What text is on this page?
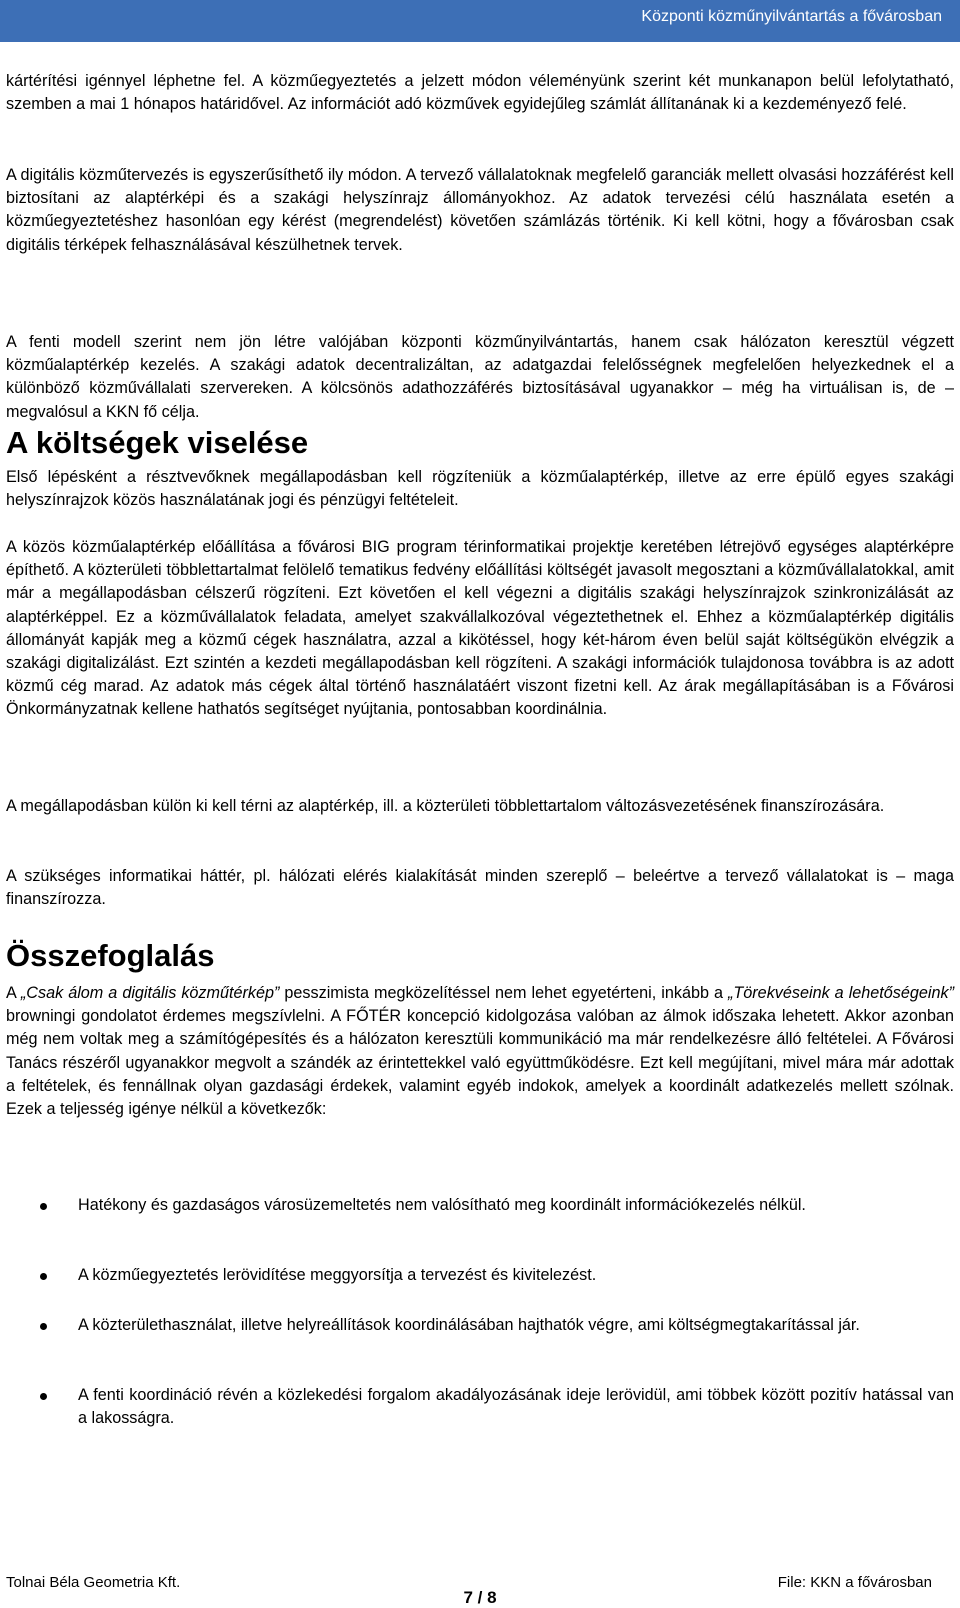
Központi közműnyilvántartás a fővárosban
kártérítési igénnyel léphetne fel. A közműegyeztetés a jelzett módon véleményünk szerint két munkanapon belül lefolytatható, szemben a mai 1 hónapos határidővel. Az információt adó közművek egyidejűleg számlát állítanának ki a kezdeményező felé.
A digitális közműtervezés is egyszerűsíthető ily módon. A tervező vállalatoknak megfelelő garanciák mellett olvasási hozzáférést kell biztosítani az alaptérképi és a szakági helyszínrajz állományokhoz. Az adatok tervezési célú használata esetén a közműegyeztetéshez hasonlóan egy kérést (megrendelést) követően számlázás történik. Ki kell kötni, hogy a fővárosban csak digitális térképek felhasználásával készülhetnek tervek.
A fenti modell szerint nem jön létre valójában központi közműnyilvántartás, hanem csak hálózaton keresztül végzett közműalaptérkép kezelés. A szakági adatok decentralizáltan, az adatgazdai felelősségnek megfelelően helyezkednek el a különböző közművállalati szervereken. A kölcsönös adathozzáférés biztosításával ugyanakkor – még ha virtuálisan is, de – megvalósul a KKN fő célja.
A költségek viselése
Első lépésként a résztvevőknek megállapodásban kell rögzíteniük a közműalaptérkép, illetve az erre épülő egyes szakági helyszínrajzok közös használatának jogi és pénzügyi feltételeit.
A közös közműalaptérkép előállítása a fővárosi BIG program térinformatikai projektje keretében létrejövő egységes alaptérképre építhető. A közterületi többlettartalmat felölelő tematikus fedvény előállítási költségét javasolt megosztani a közművállalatokkal, amit már a megállapodásban célszerű rögzíteni. Ezt követően el kell végezni a digitális szakági helyszínrajzok szinkronizálását az alaptérképpel. Ez a közművállalatok feladata, amelyet szakvállalkozóval végeztethetnek el. Ehhez a közműalaptérkép digitális állományát kapják meg a közmű cégek használatra, azzal a kikötéssel, hogy két-három éven belül saját költségükön elvégzik a szakági digitalizálást. Ezt szintén a kezdeti megállapodásban kell rögzíteni. A szakági információk tulajdonosa továbbra is az adott közmű cég marad. Az adatok más cégek által történő használatáért viszont fizetni kell. Az árak megállapításában is a Fővárosi Önkormányzatnak kellene hathatós segítséget nyújtania, pontosabban koordinálnia.
A megállapodásban külön ki kell térni az alaptérkép, ill. a közterületi többlettartalom változásvezetésének finanszírozására.
A szükséges informatikai háttér, pl. hálózati elérés kialakítását minden szereplő – beleértve a tervező vállalatokat is – maga finanszírozza.
Összefoglalás
A „Csak álom a digitális közműtérkép” pesszimista megközelítéssel nem lehet egyetérteni, inkább a „Törekvéseink a lehetőségeink” browningi gondolatot érdemes megszívlelni. A FŐTÉR koncepció kidolgozása valóban az álmok időszaka lehetett. Akkor azonban még nem voltak meg a számítógépesítés és a hálózaton keresztüli kommunikáció ma már rendelkezésre álló feltételei. A Fővárosi Tanács részéről ugyanakkor megvolt a szándék az érintettekkel való együttműködésre. Ezt kell megújítani, mivel mára már adottak a feltételek, és fennállnak olyan gazdasági érdekek, valamint egyéb indokok, amelyek a koordinált adatkezelés mellett szólnak. Ezek a teljesség igénye nélkül a következők:
Hatékony és gazdaságos városüzemeltetés nem valósítható meg koordinált információkezelés nélkül.
A közműegyeztetés lerövidítése meggyorsítja a tervezést és kivitelezést.
A közterülethasználat, illetve helyreállítások koordinálásában hajthatók végre, ami költségmegtakarítással jár.
A fenti koordináció révén a közlekedési forgalom akadályozásának ideje lerövidül, ami többek között pozitív hatással van a lakosságra.
Tolnai Béla Geometria Kft.	File: KKN a fővárosban
7 / 8
